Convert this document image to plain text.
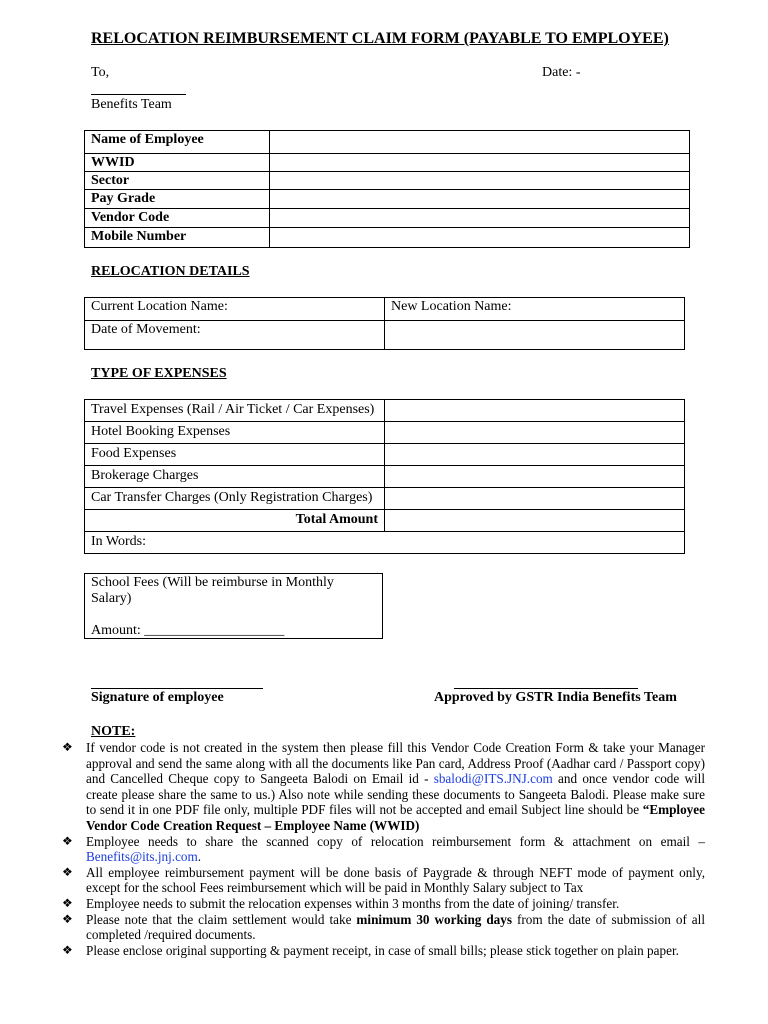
RELOCATION REIMBURSEMENT CLAIM FORM (PAYABLE TO EMPLOYEE)
To,	Date: -
Benefits Team
Name of Employee	
WWID	
Sector	
Pay Grade	
Vendor Code	
Mobile Number	
RELOCATION DETAILS
Current Location Name:	New Location Name:
Date of Movement:	
TYPE OF EXPENSES
Travel Expenses (Rail / Air Ticket / Car Expenses)	
Hotel Booking Expenses	
Food Expenses	
Brokerage Charges	
Car Transfer Charges (Only Registration Charges)	
Total Amount	
In Words:	
School Fees (Will be reimburse in Monthly Salary)
Amount: ____________________
Signature of employee	Approved by GSTR India Benefits Team
NOTE:
❖ If vendor code is not created in the system then please fill this Vendor Code Creation Form & take your Manager approval and send the same along with all the documents like Pan card, Address Proof (Aadhar card / Passport copy) and Cancelled Cheque copy to Sangeeta Balodi on Email id - sbalodi@ITS.JNJ.com and once vendor code will create please share the same to us.) Also note while sending these documents to Sangeeta Balodi. Please make sure to send it in one PDF file only, multiple PDF files will not be accepted and email Subject line should be “Employee Vendor Code Creation Request – Employee Name (WWID)
❖ Employee needs to share the scanned copy of relocation reimbursement form & attachment on email – Benefits@its.jnj.com.
❖ All employee reimbursement payment will be done basis of Paygrade & through NEFT mode of payment only, except for the school Fees reimbursement which will be paid in Monthly Salary subject to Tax
❖ Employee needs to submit the relocation expenses within 3 months from the date of joining/ transfer.
❖ Please note that the claim settlement would take minimum 30 working days from the date of submission of all completed /required documents.
❖ Please enclose original supporting & payment receipt, in case of small bills; please stick together on plain paper.
